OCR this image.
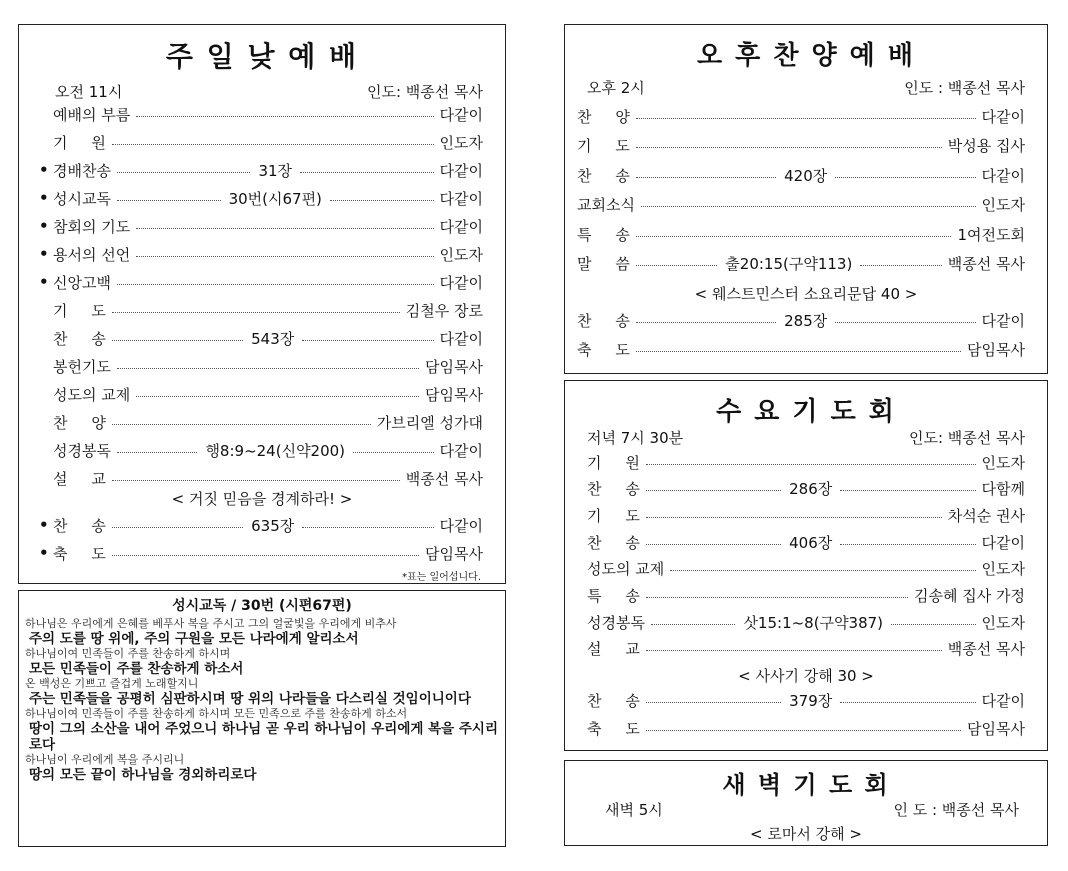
주 일 낮 예 배
오전 11시	인도: 백종선 목사
예배의 부름	다같이
기     원	인도자
• 경배찬송	31장	다같이
• 성시교독	30번(시67편)	다같이
• 참회의 기도	다같이
• 용서의 선언	인도자
• 신앙고백	다같이
기     도	김철우 장로
찬     송	543장	다같이
봉헌기도	담임목사
성도의 교제	담임목사
찬     양	가브리엘 성가대
성경봉독	행8:9~24(신약200)	다같이
설     교	백종선 목사
< 거짓 믿음을 경계하라! >
• 찬     송	635장	다같이
• 축     도	담임목사
*표는 일어섭니다.
성시교독 / 30번 (시편67편)

하나님은 우리에게 은혜를 베푸사 복을 주시고 그의 얼굴빛을 우리에게 비추사

주의 도를 땅 위에, 주의 구원을 모든 나라에게 알리소서

하나님이여 민족들이 주를 찬송하게 하시며

모든 민족들이 주를 찬송하게 하소서

온 백성은 기쁘고 즐겁게 노래할지니

주는 민족들을 공평히 심판하시며 땅 위의 나라들을 다스리실 것임이니이다

하나님이여 민족들이 주를 찬송하게 하시며 모든 민족으로 주를 찬송하게 하소서

땅이 그의 소산을 내어 주었으니 하나님 곧 우리 하나님이 우리에게 복을 주시리로다

하나님이 우리에게 복을 주시리니

땅의 모든 끝이 하나님을 경외하리로다

오 후 찬 양 예 배
오후 2시	인도 : 백종선 목사
찬     양	다같이
기     도	박성용 집사
찬     송	420장	다같이
교회소식	인도자
특     송	1여전도회
말     씀	출20:15(구약113)	백종선 목사
< 웨스트민스터 소요리문답 40 >
찬     송	285장	다같이
축     도	담임목사
수 요 기 도 회
저녁 7시 30분	인도: 백종선 목사
기     원	인도자
찬     송	286장	다함께
기     도	차석순 권사
찬     송	406장	다같이
성도의 교제	인도자
특     송	김송혜 집사 가정
성경봉독	삿15:1~8(구약387)	인도자
설     교	백종선 목사
< 사사기 강해 30 >
찬     송	379장	다같이
축     도	담임목사
새 벽 기 도 회
새벽 5시	인 도 : 백종선 목사
< 로마서 강해 >
